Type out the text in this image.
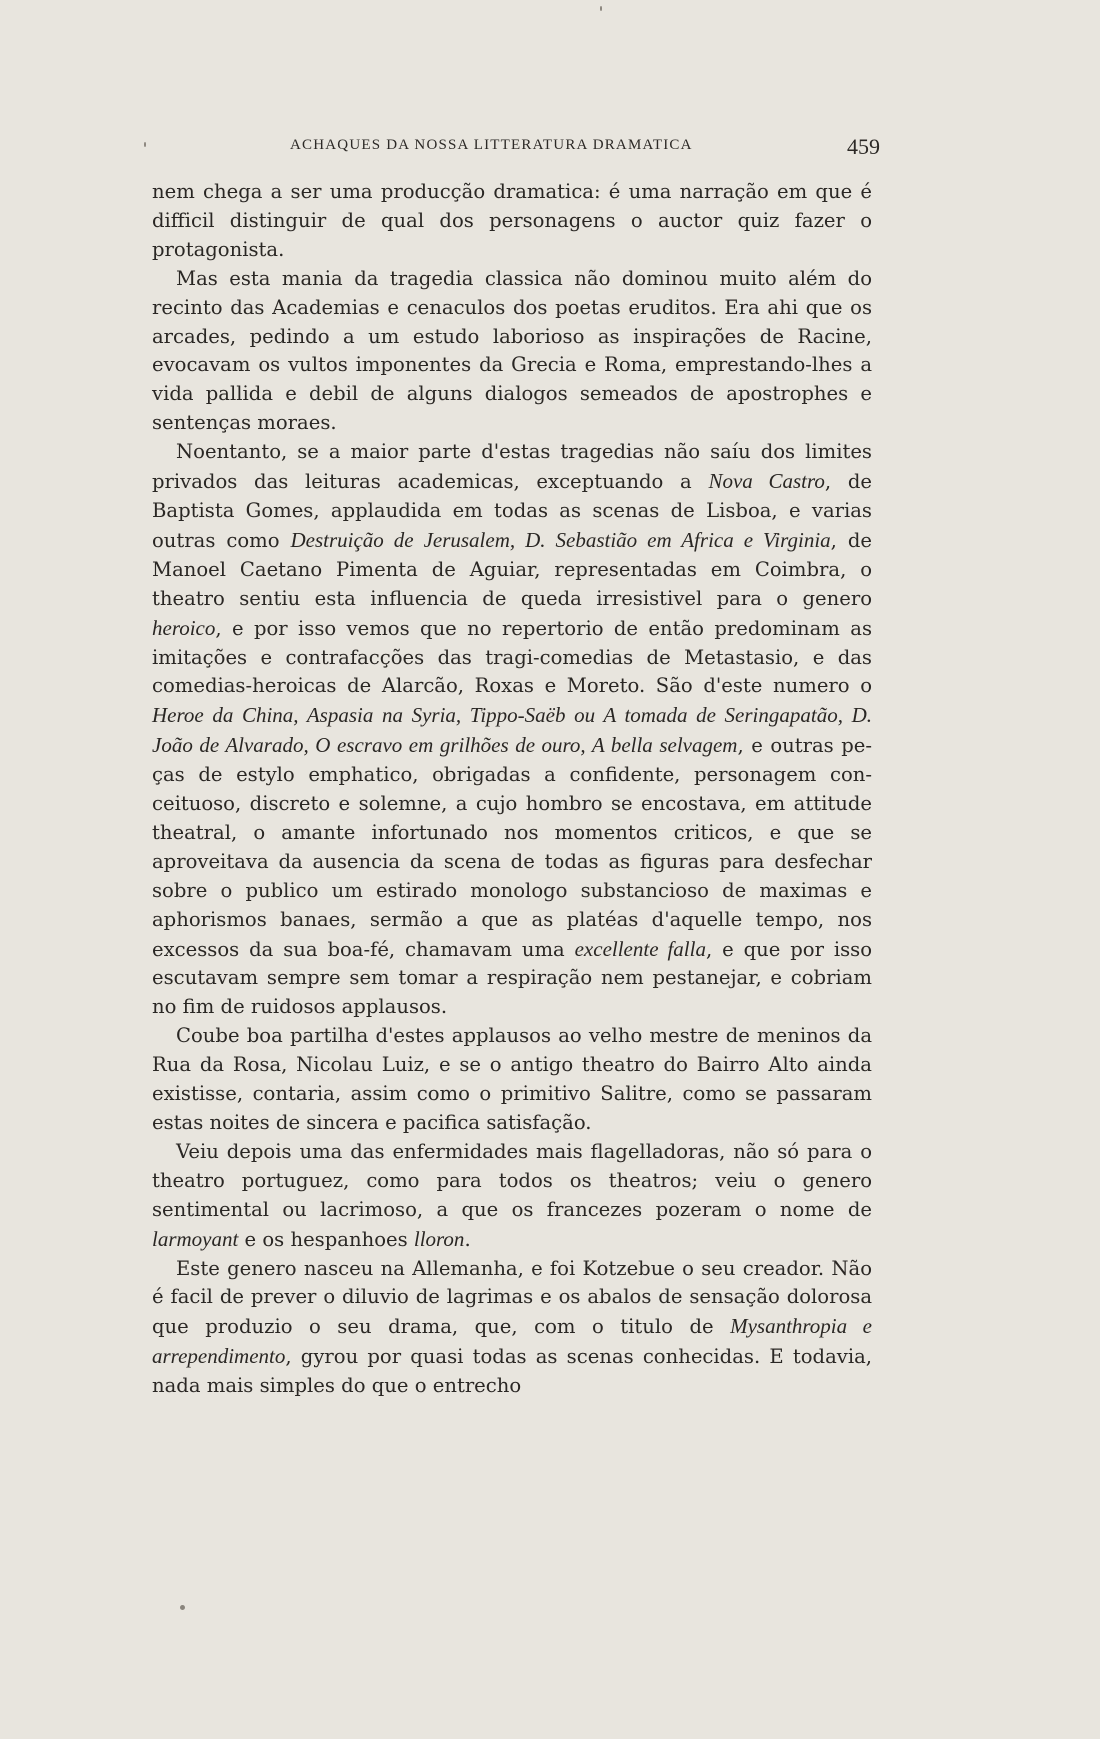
ACHAQUES DA NOSSA LITTERATURA DRAMATICA	459

nem chega a ser uma producção dramatica: é uma narração em que é difficil distinguir de qual dos personagens o auctor quiz fazer o protagonista.

Mas esta mania da tragedia classica não dominou muito além do recinto das Academias e cenaculos dos poetas eruditos. Era ahi que os arcades, pedindo a um estudo laborioso as inspirações de Racine, evocavam os vultos imponentes da Grecia e Roma, emprestando-lhes a vida pallida e debil de alguns dialogos semeados de apostrophes e sentenças moraes.

Noentanto, se a maior parte d'estas tragedias não saíu dos limites privados das leituras academicas, exceptuando a Nova Castro, de Baptista Gomes, applaudida em todas as scenas de Lisboa, e varias outras como Destruição de Jerusalem, D. Sebastião em Africa e Virginia, de Manoel Caetano Pimenta de Aguiar, representadas em Coimbra, o theatro sentiu esta influencia de queda irresistivel para o genero heroico, e por isso vemos que no repertorio de então predominam as imitações e contrafacções das tragi-comedias de Metastasio, e das comedias-heroicas de Alarcão, Roxas e Moreto. São d'este numero o Heroe da China, Aspasia na Syria, Tippo-Saëb ou A tomada de Seringapatão, D. João de Alvarado, O escravo em grilhões de ouro, A bella selvagem, e outras peças de estylo emphatico, obrigadas a confidente, personagem conceituoso, discreto e solemne, a cujo hombro se encostava, em attitude theatral, o amante infortunado nos momentos criticos, e que se aproveitava da ausencia da scena de todas as figuras para desfechar sobre o publico um estirado monologo substancioso de maximas e aphorismos banaes, sermão a que as platéas d'aquelle tempo, nos excessos da sua boa-fé, chamavam uma excellente falla, e que por isso escutavam sempre sem tomar a respiração nem pestanejar, e cobriam no fim de ruidosos applausos.

Coube boa partilha d'estes applausos ao velho mestre de meninos da Rua da Rosa, Nicolau Luiz, e se o antigo theatro do Bairro Alto ainda existisse, contaria, assim como o primitivo Salitre, como se passaram estas noites de sincera e pacifica satisfação.

Veiu depois uma das enfermidades mais flagelladoras, não só para o theatro portuguez, como para todos os theatros; veiu o genero sentimental ou lacrimoso, a que os francezes pozeram o nome de larmoyant e os hespanhoes lloron.

Este genero nasceu na Allemanha, e foi Kotzebue o seu creador. Não é facil de prever o diluvio de lagrimas e os abalos de sensação dolorosa que produzio o seu drama, que, com o titulo de Mysanthropia e arrependimento, gyrou por quasi todas as scenas conhecidas. E todavia, nada mais simples do que o entrecho
